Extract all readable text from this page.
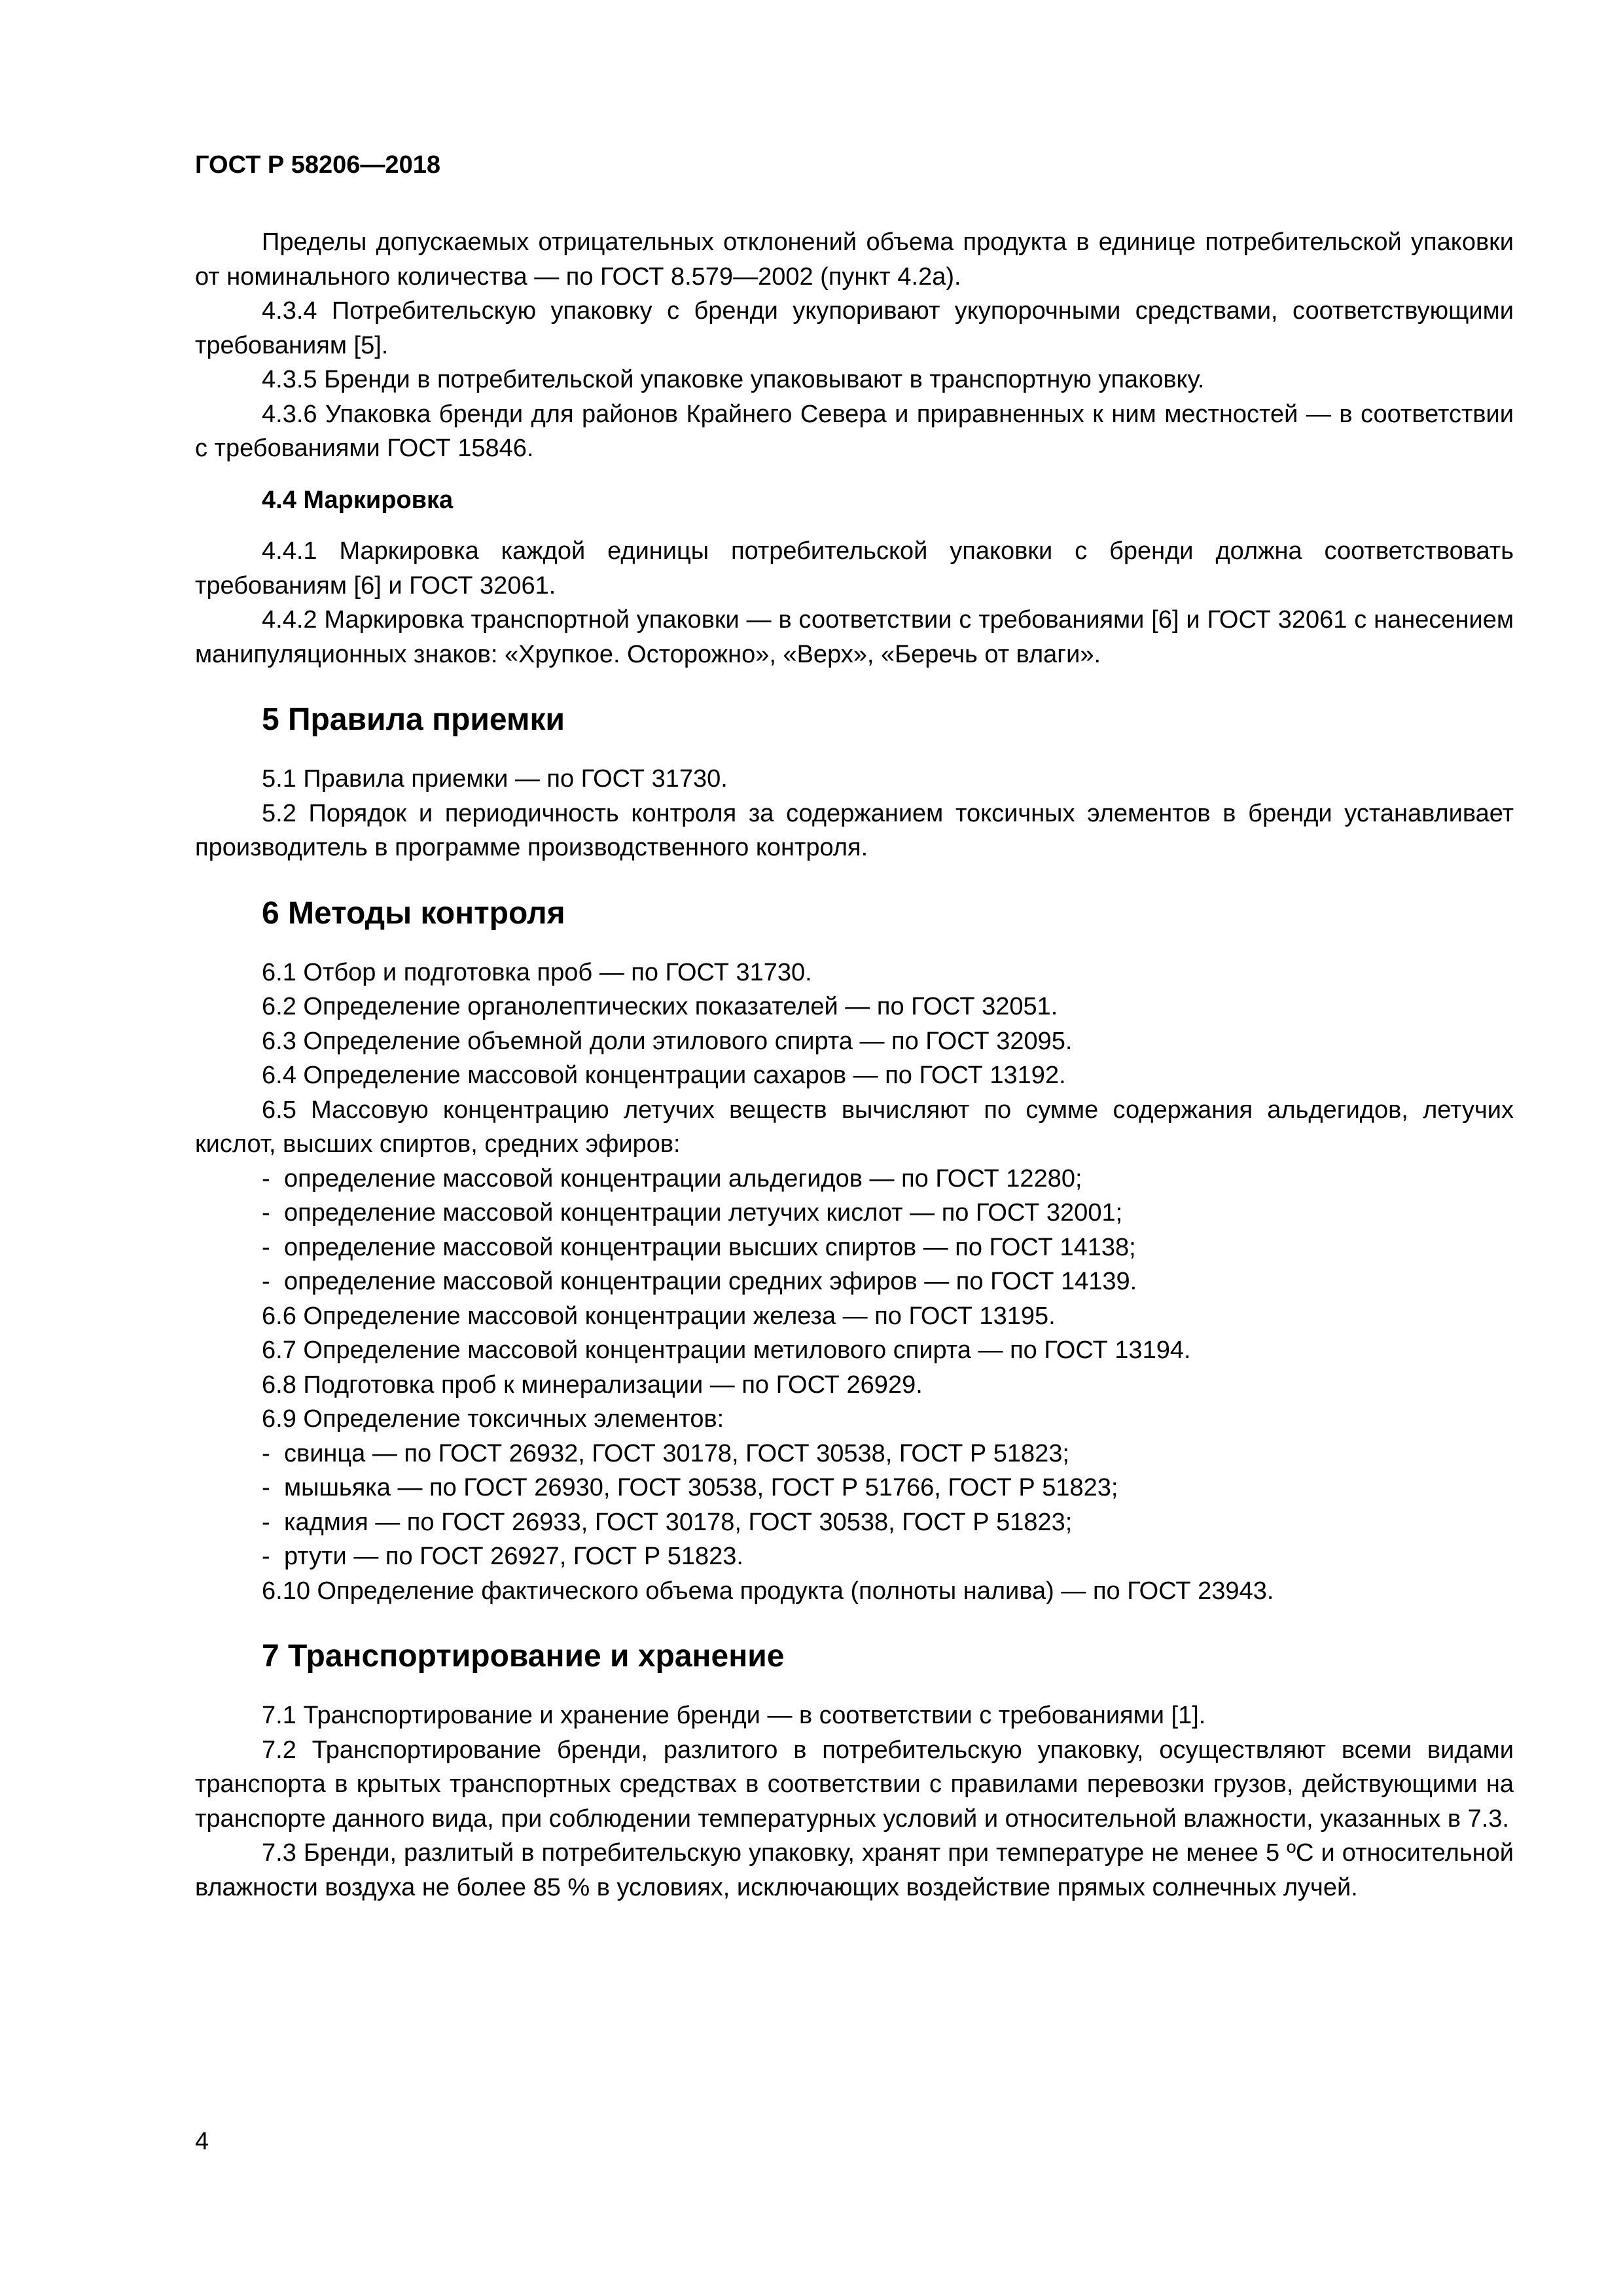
ГОСТ Р 58206—2018

Пределы допускаемых отрицательных отклонений объема продукта в единице потребительской упаковки от номинального количества — по ГОСТ 8.579—2002 (пункт 4.2а).

4.3.4 Потребительскую упаковку с бренди укупоривают укупорочными средствами, соответствующими требованиям [5].

4.3.5 Бренди в потребительской упаковке упаковывают в транспортную упаковку.

4.3.6 Упаковка бренди для районов Крайнего Севера и приравненных к ним местностей — в соответствии с требованиями ГОСТ 15846.

4.4 Маркировка

4.4.1 Маркировка каждой единицы потребительской упаковки с бренди должна соответствовать требованиям [6] и ГОСТ 32061.

4.4.2 Маркировка транспортной упаковки — в соответствии с требованиями [6] и ГОСТ 32061 с нанесением манипуляционных знаков: «Хрупкое. Осторожно», «Верх», «Беречь от влаги».

5 Правила приемки

5.1 Правила приемки — по ГОСТ 31730.

5.2 Порядок и периодичность контроля за содержанием токсичных элементов в бренди устанавливает производитель в программе производственного контроля.

6 Методы контроля

6.1 Отбор и подготовка проб — по ГОСТ 31730.

6.2 Определение органолептических показателей — по ГОСТ 32051.

6.3 Определение объемной доли этилового спирта — по ГОСТ 32095.

6.4 Определение массовой концентрации сахаров — по ГОСТ 13192.

6.5 Массовую концентрацию летучих веществ вычисляют по сумме содержания альдегидов, летучих кислот, высших спиртов, средних эфиров:

- определение массовой концентрации альдегидов — по ГОСТ 12280;

- определение массовой концентрации летучих кислот — по ГОСТ 32001;

- определение массовой концентрации высших спиртов — по ГОСТ 14138;

- определение массовой концентрации средних эфиров — по ГОСТ 14139.

6.6 Определение массовой концентрации железа — по ГОСТ 13195.

6.7 Определение массовой концентрации метилового спирта — по ГОСТ 13194.

6.8 Подготовка проб к минерализации — по ГОСТ 26929.

6.9 Определение токсичных элементов:

- свинца — по ГОСТ 26932, ГОСТ 30178, ГОСТ 30538, ГОСТ Р 51823;

- мышьяка — по ГОСТ 26930, ГОСТ 30538, ГОСТ Р 51766, ГОСТ Р 51823;

- кадмия — по ГОСТ 26933, ГОСТ 30178, ГОСТ 30538, ГОСТ Р 51823;

- ртути — по ГОСТ 26927, ГОСТ Р 51823.

6.10 Определение фактического объема продукта (полноты налива) — по ГОСТ 23943.

7 Транспортирование и хранение

7.1 Транспортирование и хранение бренди — в соответствии с требованиями [1].

7.2 Транспортирование бренди, разлитого в потребительскую упаковку, осуществляют всеми видами транспорта в крытых транспортных средствах в соответствии с правилами перевозки грузов, действующими на транспорте данного вида, при соблюдении температурных условий и относительной влажности, указанных в 7.3.

7.3 Бренди, разлитый в потребительскую упаковку, хранят при температуре не менее 5 ºС и относительной влажности воздуха не более 85 % в условиях, исключающих воздействие прямых солнечных лучей.

4
